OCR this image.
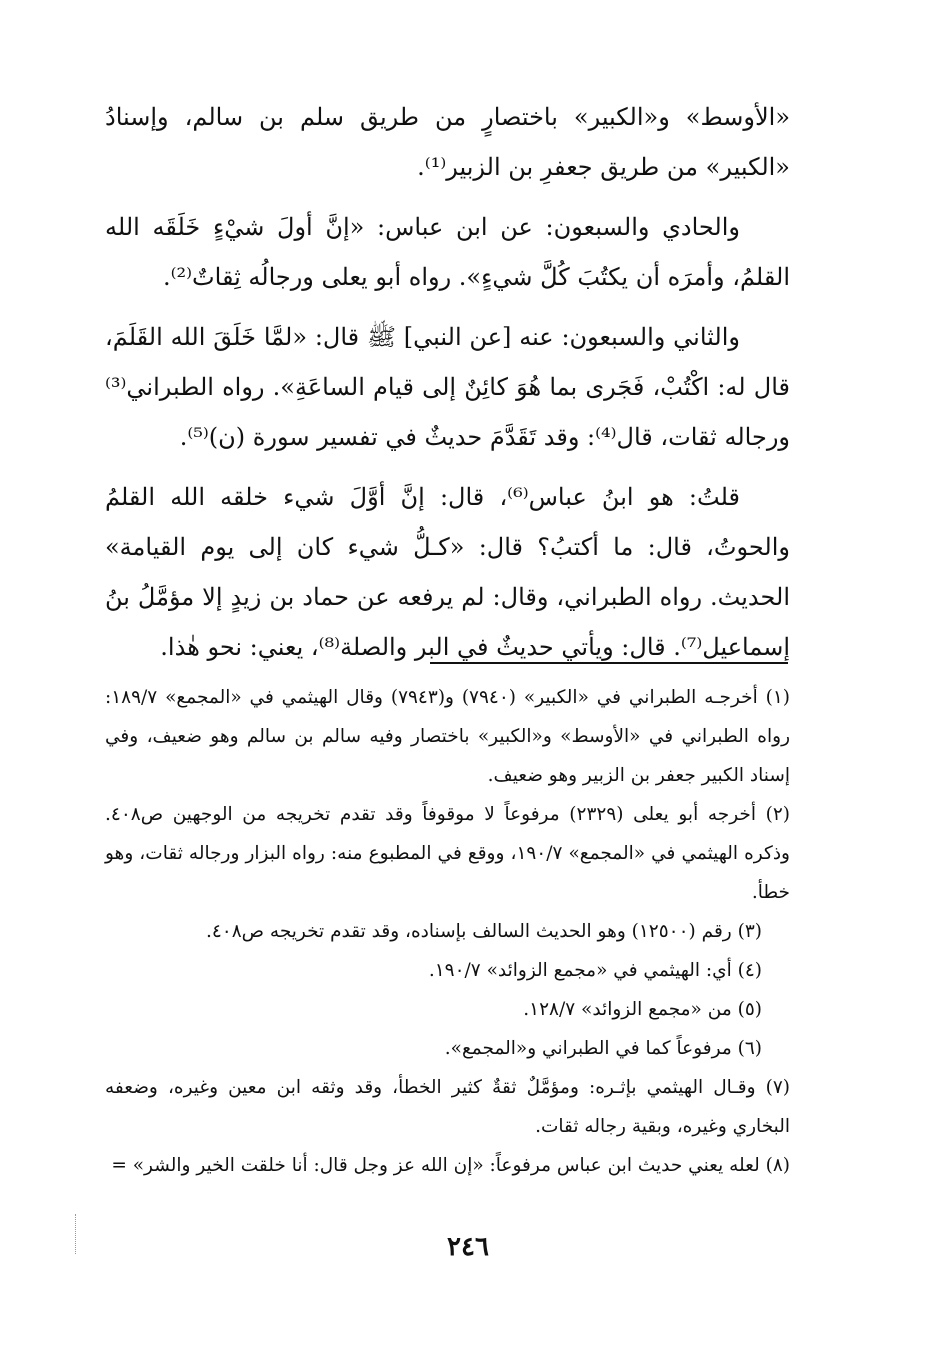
«الأوسط» و«الكبير» باختصارٍ من طريق سلم بن سالم، وإسنادُ «الكبير» من طريق جعفرِ بن الزبير⁽¹⁾.

والحادي والسبعون: عن ابن عباس: «إنَّ أولَ شيْءٍ خَلَقَه الله القلمُ، وأمرَه أن يكتُبَ كُلَّ شيءٍ». رواه أبو يعلى ورجالُه ثِقاتٌ⁽²⁾.

والثاني والسبعون: عنه [عن النبي] ﷺ قال: «لمَّا خَلَقَ الله القَلَمَ، قال له: اكْتُبْ، فَجَرى بما هُوَ كائِنٌ إلى قيام الساعَةِ». رواه الطبراني⁽³⁾ ورجاله ثقات، قال⁽⁴⁾: وقد تَقَدَّمَ حديثٌ في تفسير سورة (ن)⁽⁵⁾.

قلتُ: هو ابنُ عباس⁽⁶⁾، قال: إنَّ أوَّلَ شيء خلقه الله القلمُ والحوتُ، قال: ما أكتبُ؟ قال: «كـلُّ شيء كان إلى يوم القيامة» الحديث. رواه الطبراني، وقال: لم يرفعه عن حماد بن زيدٍ إلا مؤمَّلُ بنُ إسماعيل⁽⁷⁾. قال: ويأتي حديثٌ في البر والصلة⁽⁸⁾، يعني: نحو هٰذا.

(١) أخرجـه الطبراني في «الكبير» (٧٩٤٠) و(٧٩٤٣) وقال الهيثمي في «المجمع» ١٨٩/٧: رواه الطبراني في «الأوسط» و«الكبير» باختصار وفيه سالم بن سالم وهو ضعيف، وفي إسناد الكبير جعفر بن الزبير وهو ضعيف.

(٢) أخرجه أبو يعلى (٢٣٢٩) مرفوعاً لا موقوفاً وقد تقدم تخريجه من الوجهين ص٤٠٨. وذكره الهيثمي في «المجمع» ١٩٠/٧، ووقع في المطبوع منه: رواه البزار ورجاله ثقات، وهو خطأ.

(٣) رقم (١٢٥٠٠) وهو الحديث السالف بإسناده، وقد تقدم تخريجه ص٤٠٨.

(٤) أي: الهيثمي في «مجمع الزوائد» ١٩٠/٧.

(٥) من «مجمع الزوائد» ١٢٨/٧.

(٦) مرفوعاً كما في الطبراني و«المجمع».

(٧) وقـال الهيثمي بإثـره: ومؤمَّلٌ ثقةٌ كثير الخطأ، وقد وثقه ابن معين وغيره، وضعفه البخاري وغيره، وبقية رجاله ثقات.

(٨) لعله يعني حديث ابن عباس مرفوعاً: «إن الله عز وجل قال: أنا خلقت الخير والشر» =

٢٤٦
